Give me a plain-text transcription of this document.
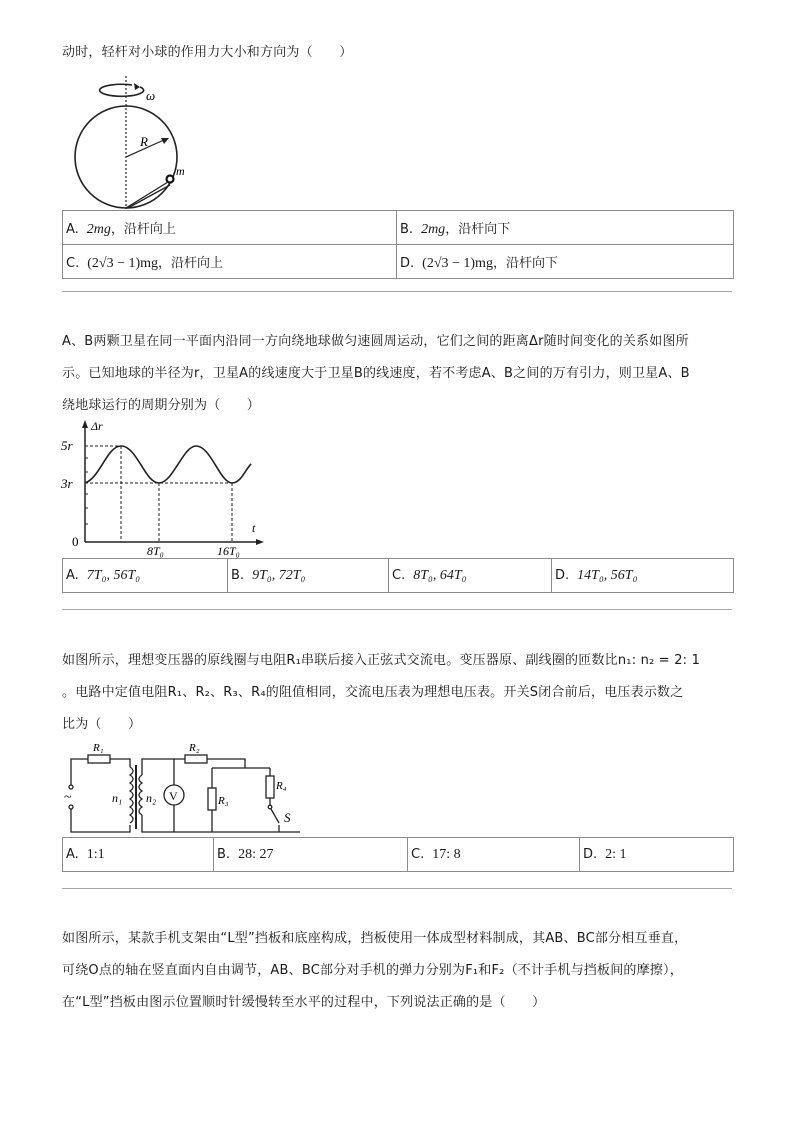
动时，轻杆对小球的作用力大小和方向为（　　）
ω
R
m
A. 2mg，沿杆向上	B. 2mg，沿杆向下
C. (2√3 − 1)mg，沿杆向上	D. (2√3 − 1)mg，沿杆向下
A、B两颗卫星在同一平面内沿同一方向绕地球做匀速圆周运动，它们之间的距离Δr随时间变化的关系如图所
示。已知地球的半径为r，卫星A的线速度大于卫星B的线速度，若不考虑A、B之间的万有引力，则卫星A、B
绕地球运行的周期分别为（　　）
Δr
5r
3r
0
t
8T₀	16T₀
A. 7T₀, 56T₀	B. 9T₀, 72T₀	C. 8T₀, 64T₀	D. 14T₀, 56T₀
如图所示，理想变压器的原线圈与电阻R₁串联后接入正弦式交流电。变压器原、副线圈的匝数比n₁: n₂ = 2: 1
。电路中定值电阻R₁、R₂、R₃、R₄的阻值相同，交流电压表为理想电压表。开关S闭合前后，电压表示数之
比为（　　）
~
R₁	R₂
R₃
R₄
n₁ n₂ V
S
A. 1:1	B. 28: 27	C. 17: 8	D. 2: 1
如图所示，某款手机支架由“L型”挡板和底座构成，挡板使用一体成型材料制成，其AB、BC部分相互垂直，
可绕O点的轴在竖直面内自由调节，AB、BC部分对手机的弹力分别为F₁和F₂（不计手机与挡板间的摩擦），
在“L型”挡板由图示位置顺时针缓慢转至水平的过程中，下列说法正确的是（　　）
